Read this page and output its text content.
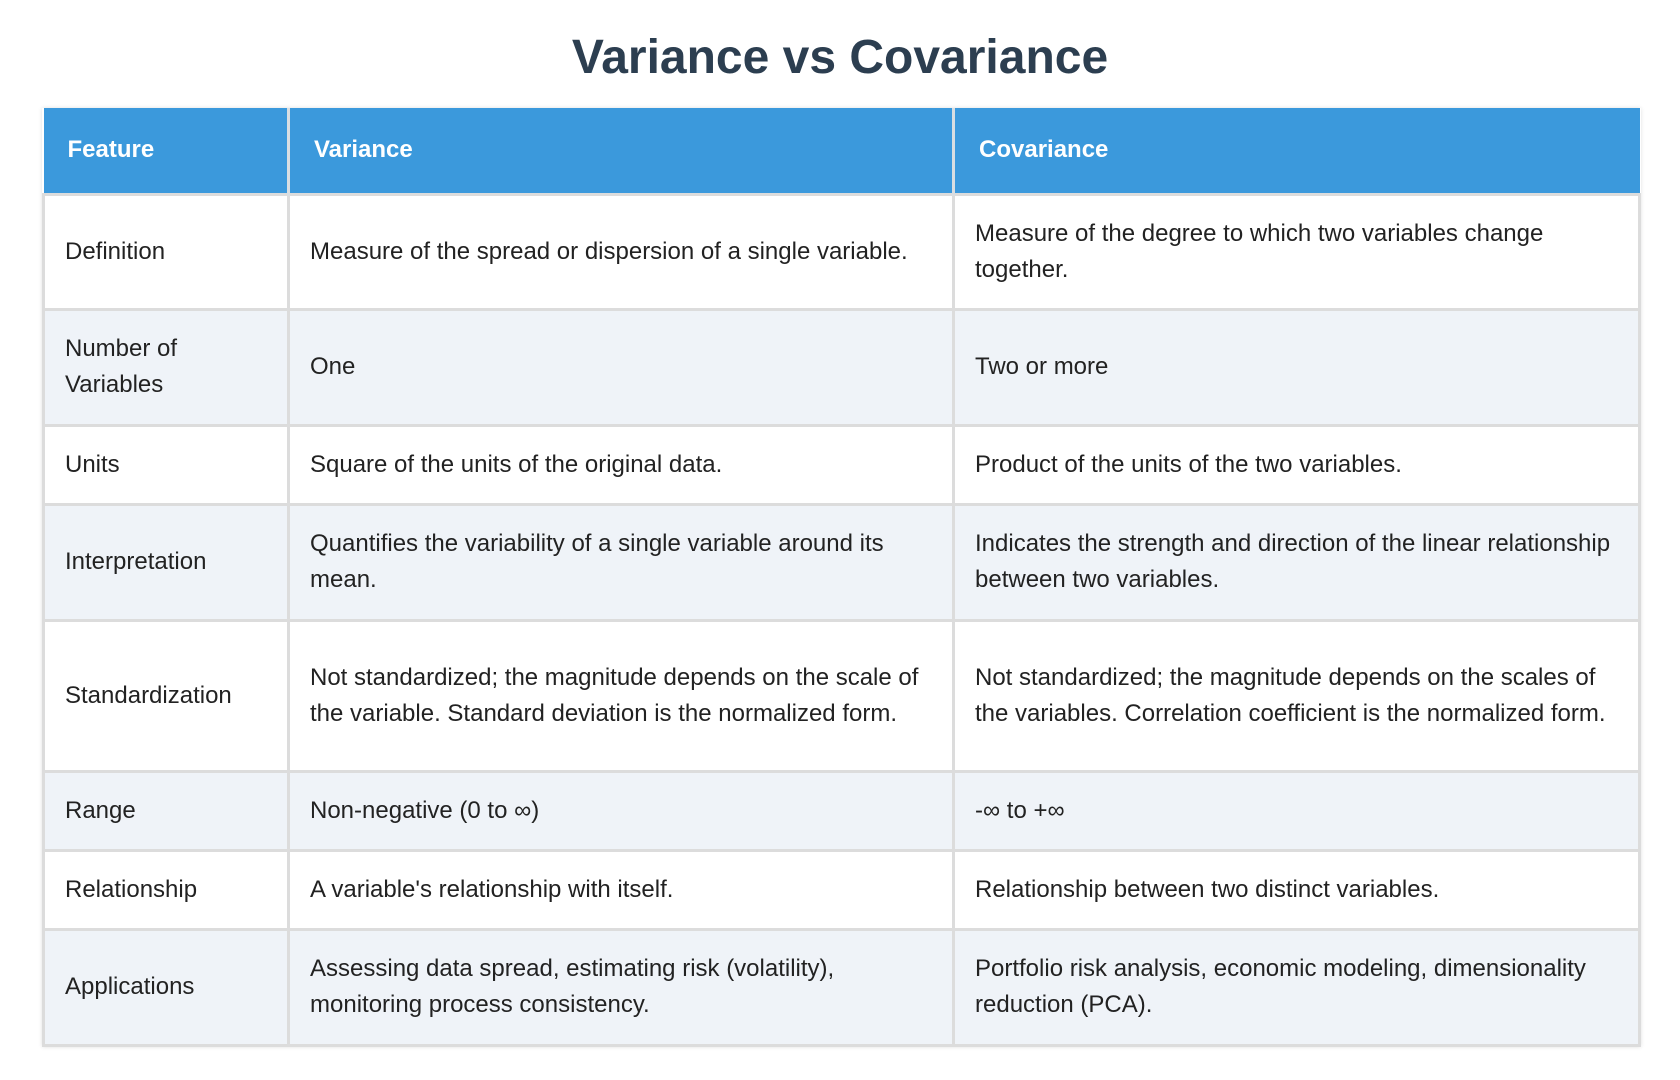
Variance vs Covariance
Feature	Variance	Covariance
Definition	Measure of the spread or dispersion of a single variable.	Measure of the degree to which two variables change together.
Number of Variables	One	Two or more
Units	Square of the units of the original data.	Product of the units of the two variables.
Interpretation	Quantifies the variability of a single variable around its mean.	Indicates the strength and direction of the linear relationship between two variables.
Standardization	Not standardized; the magnitude depends on the scale of the variable. Standard deviation is the normalized form.	Not standardized; the magnitude depends on the scales of the variables. Correlation coefficient is the normalized form.
Range	Non-negative (0 to ∞)	-∞ to +∞
Relationship	A variable's relationship with itself.	Relationship between two distinct variables.
Applications	Assessing data spread, estimating risk (volatility), monitoring process consistency.	Portfolio risk analysis, economic modeling, dimensionality reduction (PCA).
